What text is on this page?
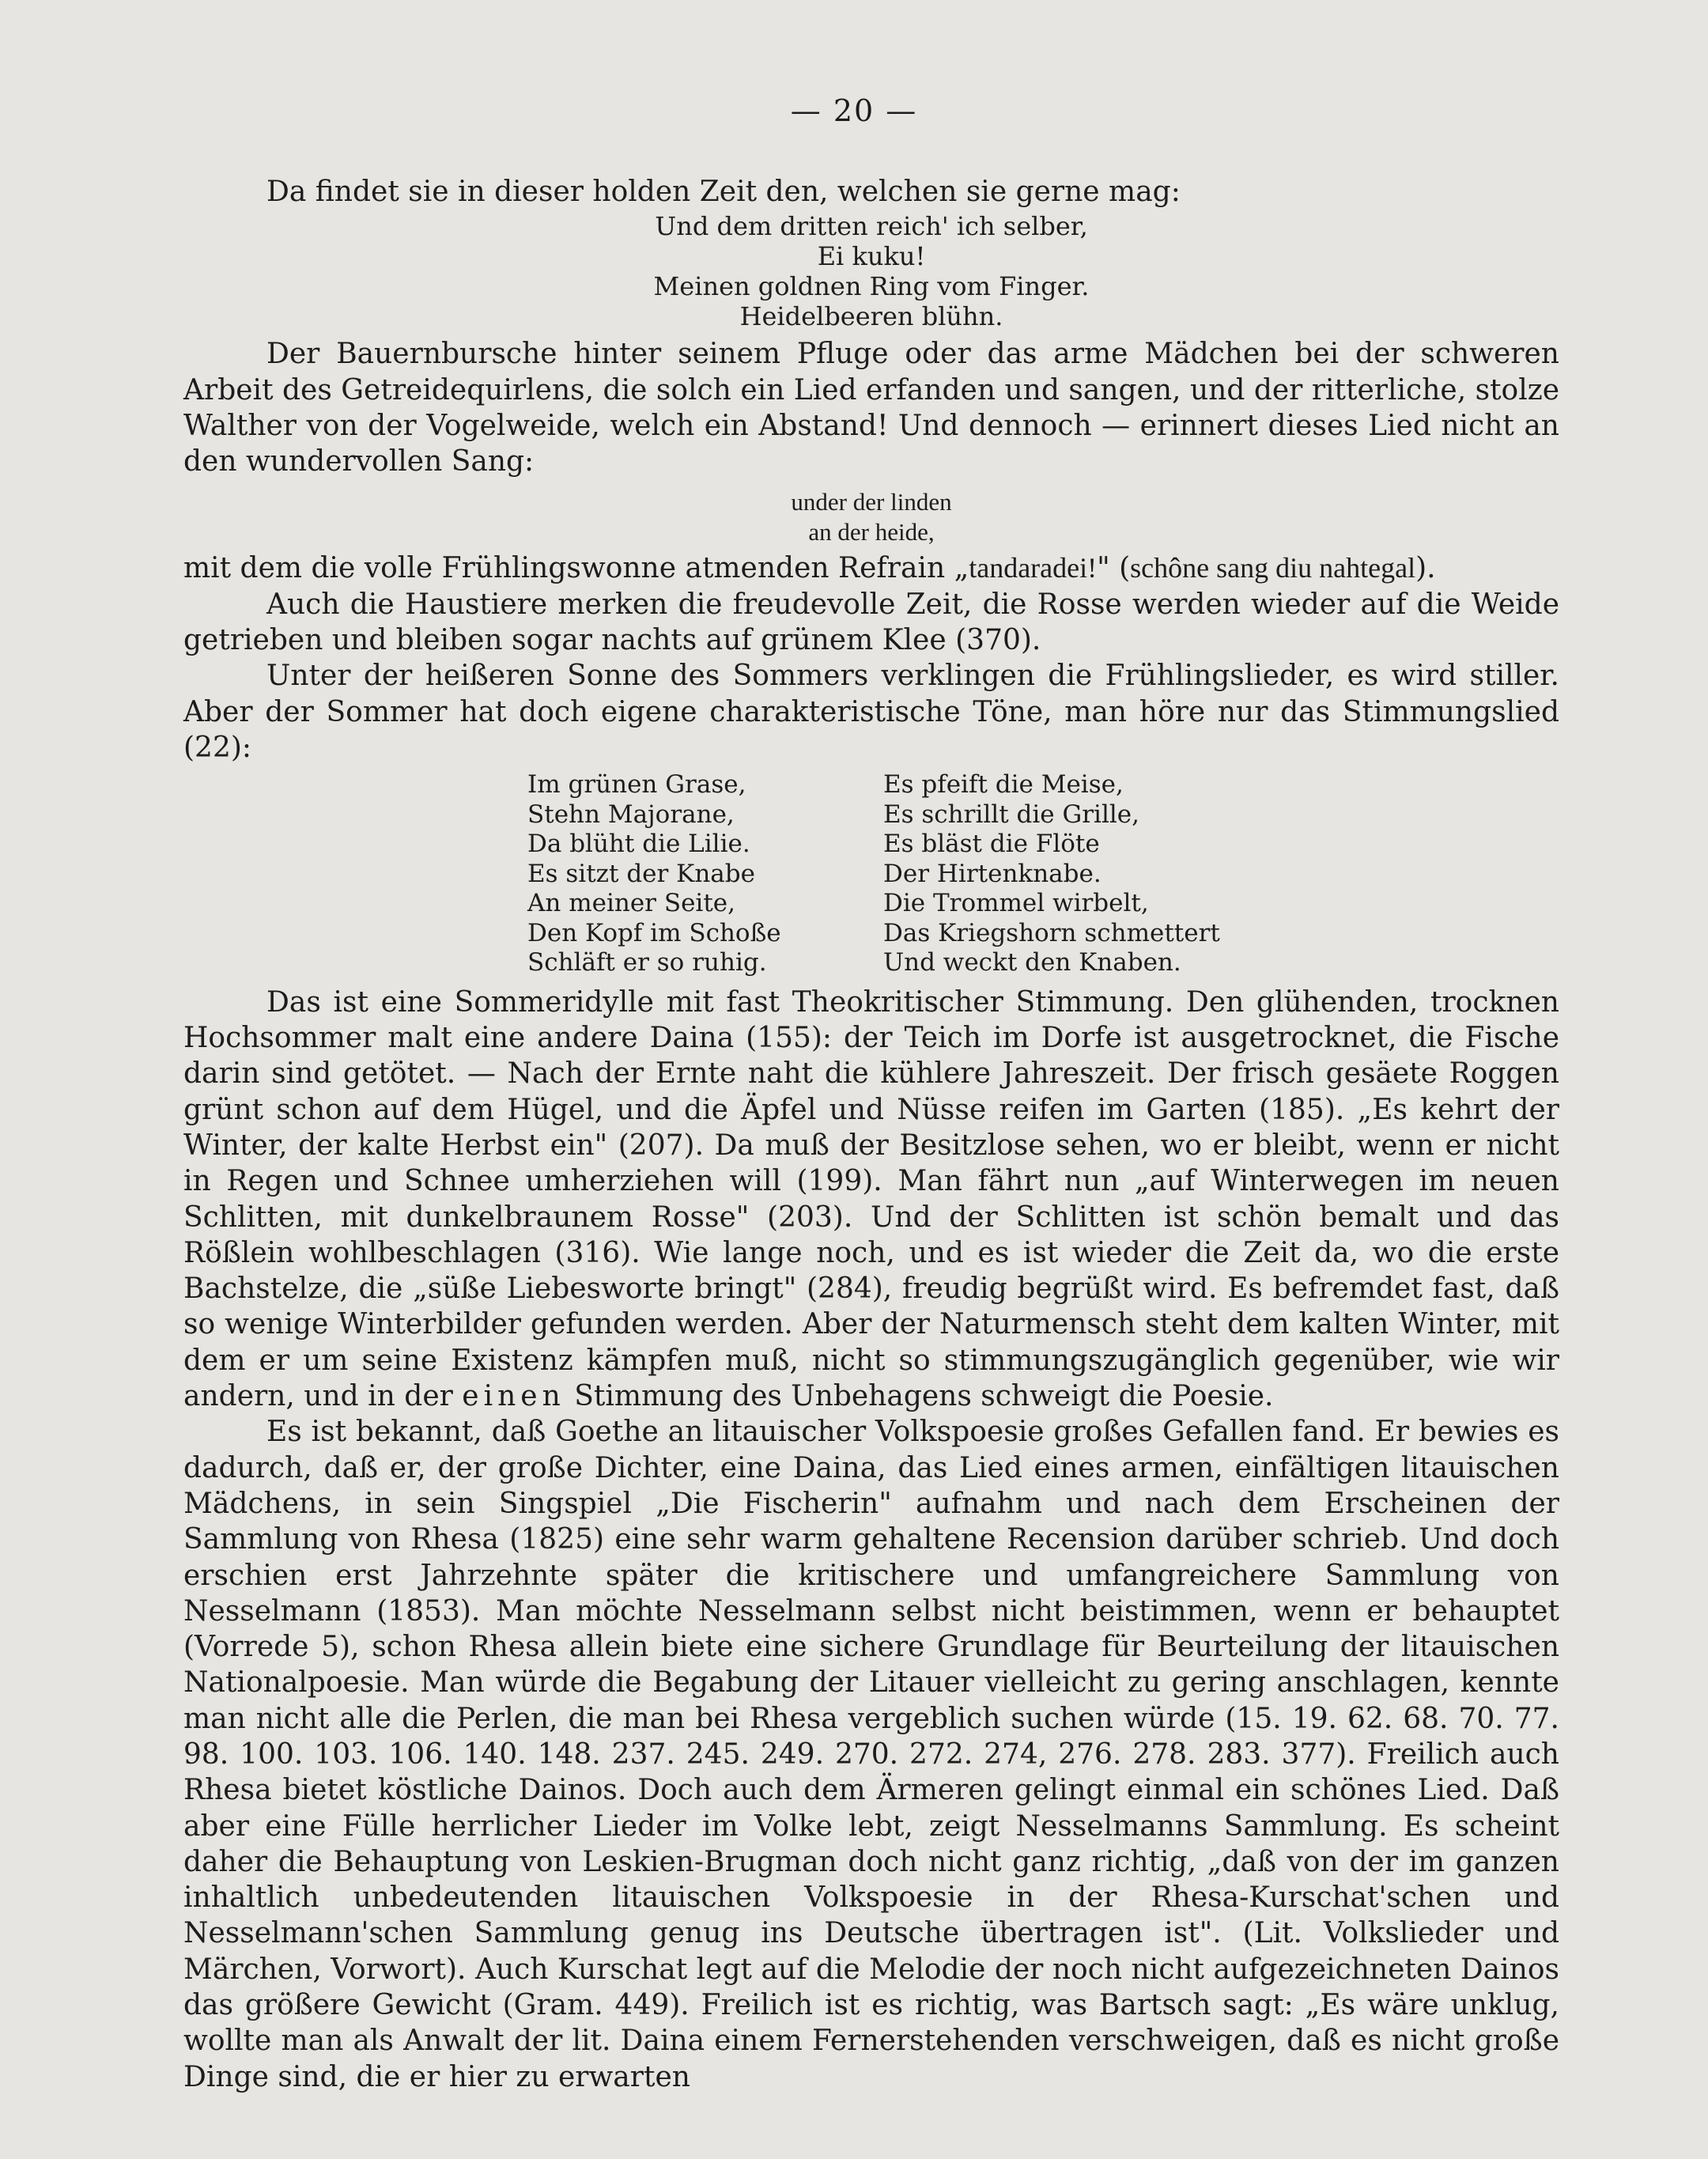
— 20 —

Da findet sie in dieser holden Zeit den, welchen sie gerne mag:

Und dem dritten reich' ich selber,
Ei kuku!
Meinen goldnen Ring vom Finger.
Heidelbeeren blühn.

Der Bauernbursche hinter seinem Pfluge oder das arme Mädchen bei der schweren Arbeit des Getreidequirlens, die solch ein Lied erfanden und sangen, und der ritterliche, stolze Walther von der Vogelweide, welch ein Abstand! Und dennoch — erinnert dieses Lied nicht an den wundervollen Sang:

under der linden
an der heide,

mit dem die volle Frühlingswonne atmenden Refrain „tandaradei!" (schône sang diu nahtegal).

Auch die Haustiere merken die freudevolle Zeit, die Rosse werden wieder auf die Weide getrieben und bleiben sogar nachts auf grünem Klee (370).

Unter der heißeren Sonne des Sommers verklingen die Frühlingslieder, es wird stiller. Aber der Sommer hat doch eigene charakteristische Töne, man höre nur das Stimmungslied (22):

Im grünen Grase,
Stehn Majorane,
Da blüht die Lilie.
Es sitzt der Knabe
An meiner Seite,
Den Kopf im Schoße
Schläft er so ruhig.
Es pfeift die Meise,
Es schrillt die Grille,
Es bläst die Flöte
Der Hirtenknabe.
Die Trommel wirbelt,
Das Kriegshorn schmettert
Und weckt den Knaben.

Das ist eine Sommeridylle mit fast Theokritischer Stimmung. Den glühenden, trocknen Hochsommer malt eine andere Daina (155): der Teich im Dorfe ist ausgetrocknet, die Fische darin sind getötet. — Nach der Ernte naht die kühlere Jahreszeit. Der frisch gesäete Roggen grünt schon auf dem Hügel, und die Äpfel und Nüsse reifen im Garten (185). „Es kehrt der Winter, der kalte Herbst ein" (207). Da muß der Besitzlose sehen, wo er bleibt, wenn er nicht in Regen und Schnee umherziehen will (199). Man fährt nun „auf Winterwegen im neuen Schlitten, mit dunkelbraunem Rosse" (203). Und der Schlitten ist schön bemalt und das Rößlein wohlbeschlagen (316). Wie lange noch, und es ist wieder die Zeit da, wo die erste Bachstelze, die „süße Liebesworte bringt" (284), freudig begrüßt wird. Es befremdet fast, daß so wenige Winterbilder gefunden werden. Aber der Naturmensch steht dem kalten Winter, mit dem er um seine Existenz kämpfen muß, nicht so stimmungszugänglich gegenüber, wie wir andern, und in der einen Stimmung des Unbehagens schweigt die Poesie.

Es ist bekannt, daß Goethe an litauischer Volkspoesie großes Gefallen fand. Er bewies es dadurch, daß er, der große Dichter, eine Daina, das Lied eines armen, einfältigen litauischen Mädchens, in sein Singspiel „Die Fischerin" aufnahm und nach dem Erscheinen der Sammlung von Rhesa (1825) eine sehr warm gehaltene Recension darüber schrieb. Und doch erschien erst Jahrzehnte später die kritischere und umfangreichere Sammlung von Nesselmann (1853). Man möchte Nesselmann selbst nicht beistimmen, wenn er behauptet (Vorrede 5), schon Rhesa allein biete eine sichere Grundlage für Beurteilung der litauischen Nationalpoesie. Man würde die Begabung der Litauer vielleicht zu gering anschlagen, kennte man nicht alle die Perlen, die man bei Rhesa vergeblich suchen würde (15. 19. 62. 68. 70. 77. 98. 100. 103. 106. 140. 148. 237. 245. 249. 270. 272. 274, 276. 278. 283. 377). Freilich auch Rhesa bietet köstliche Dainos. Doch auch dem Ärmeren gelingt einmal ein schönes Lied. Daß aber eine Fülle herrlicher Lieder im Volke lebt, zeigt Nesselmanns Sammlung. Es scheint daher die Behauptung von Leskien-Brugman doch nicht ganz richtig, „daß von der im ganzen inhaltlich unbedeutenden litauischen Volkspoesie in der Rhesa-Kurschat'schen und Nesselmann'schen Sammlung genug ins Deutsche übertragen ist". (Lit. Volkslieder und Märchen, Vorwort). Auch Kurschat legt auf die Melodie der noch nicht aufgezeichneten Dainos das größere Gewicht (Gram. 449). Freilich ist es richtig, was Bartsch sagt: „Es wäre unklug, wollte man als Anwalt der lit. Daina einem Fernerstehenden verschweigen, daß es nicht große Dinge sind, die er hier zu erwarten
